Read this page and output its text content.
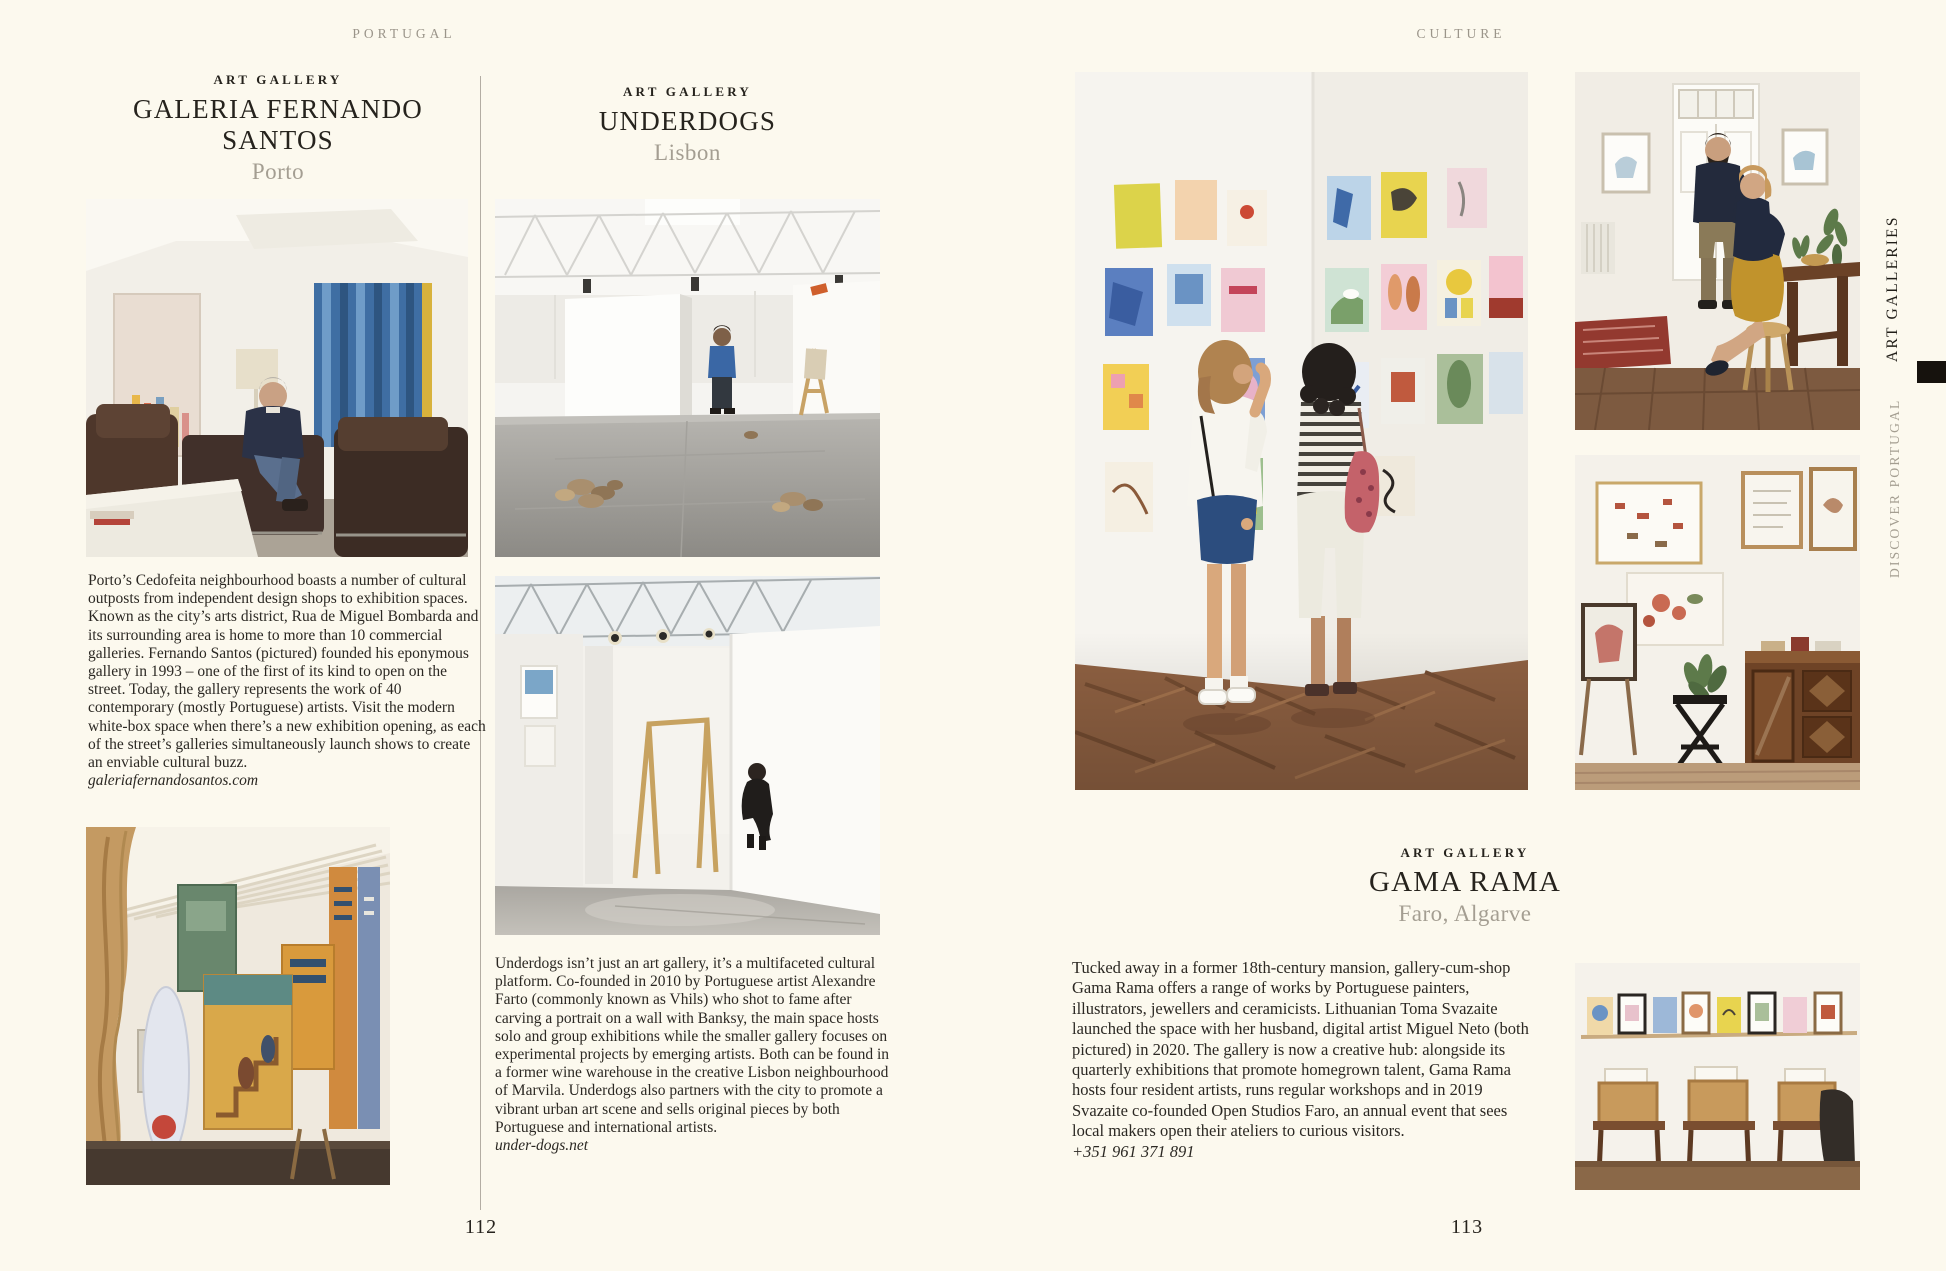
PORTUGAL
ART GALLERY
GALERIA FERNANDO SANTOS
Porto

Porto’s Cedofeita neighbourhood boasts a number of cultural outposts from independent design shops to exhibition spaces. Known as the city’s arts district, Rua de Miguel Bombarda and its surrounding area is home to more than 10 commercial galleries. Fernando Santos (pictured) founded his eponymous gallery in 1993 – one of the first of its kind to open on the street. Today, the gallery represents the work of 40 contemporary (mostly Portuguese) artists. Visit the modern white-box space when there’s a new exhibition opening, as each of the street’s galleries simultaneously launch shows to create an enviable cultural buzz.

galeriafernandosantos.com
ART GALLERY
UNDERDOGS
Lisbon

Underdogs isn’t just an art gallery, it’s a multifaceted cultural platform. Co-founded in 2010 by Portuguese artist Alexandre Farto (commonly known as Vhils) who shot to fame after carving a portrait on a wall with Banksy, the main space hosts solo and group exhibitions while the smaller gallery focuses on experimental projects by emerging artists. Both can be found in a former wine warehouse in the creative Lisbon neighbourhood of Marvila. Underdogs also partners with the city to promote a vibrant urban art scene and sells original pieces by both Portuguese and international artists.

under-dogs.net
112
CULTURE
ART GALLERY
GAMA RAMA
Faro, Algarve

Tucked away in a former 18th-century mansion, gallery-cum-shop Gama Rama offers a range of works by Portuguese painters, illustrators, jewellers and ceramicists. Lithuanian Toma Svazaite launched the space with her husband, digital artist Miguel Neto (both pictured) in 2020. The gallery is now a creative hub: alongside its quarterly exhibitions that promote homegrown talent, Gama Rama hosts four resident artists, runs regular workshops and in 2019 Svazaite co-founded Open Studios Faro, an annual event that sees local makers open their ateliers to curious visitors.

+351 961 371 891
ART GALLERIES
DISCOVER PORTUGAL
113
